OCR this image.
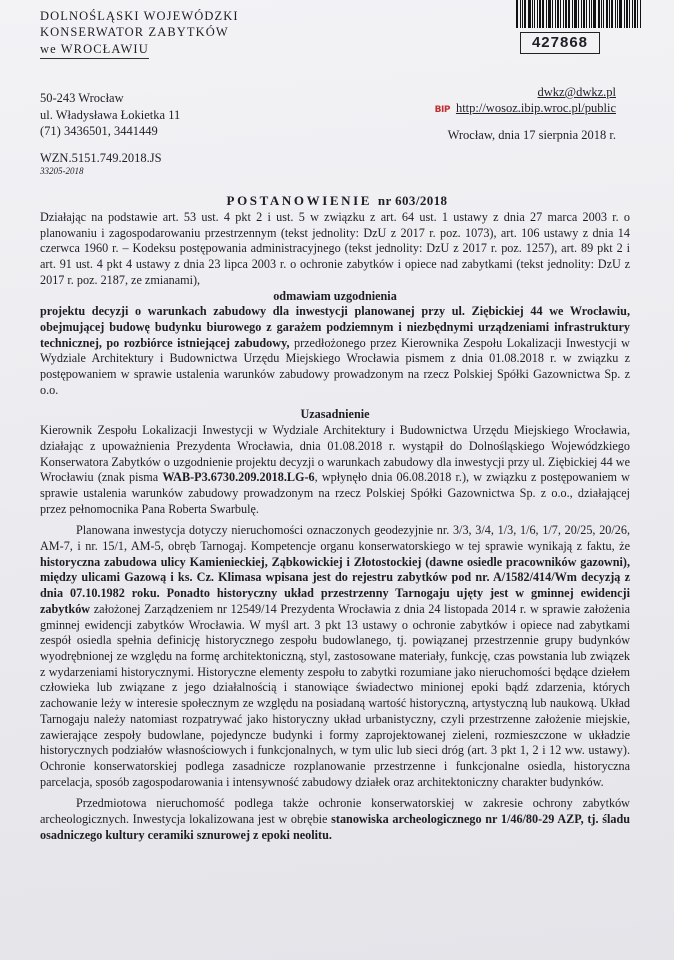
DOLNOŚLĄSKI WOJEWÓDZKI
KONSERWATOR ZABYTKÓW
we WROCŁAWIU	427868
50-243 Wrocław
ul. Władysława Łokietka 11
(71) 3436501, 3441449
dwkz@dwkz.pl
BIP http://wosoz.ibip.wroc.pl/public
Wrocław, dnia 17 sierpnia 2018 r.
WZN.5151.749.2018.JS
33205-2018
POSTANOWIENIE nr 603/2018
Działając na podstawie art. 53 ust. 4 pkt 2 i ust. 5 w związku z art. 64 ust. 1 ustawy z dnia 27 marca 2003 r. o planowaniu i zagospodarowaniu przestrzennym (tekst jednolity: DzU z 2017 r. poz. 1073), art. 106 ustawy z dnia 14 czerwca 1960 r. – Kodeksu postępowania administracyjnego (tekst jednolity: DzU z 2017 r. poz. 1257), art. 89 pkt 2 i art. 91 ust. 4 pkt 4 ustawy z dnia 23 lipca 2003 r. o ochronie zabytków i opiece nad zabytkami (tekst jednolity: DzU z 2017 r. poz. 2187, ze zmianami),
odmawiam uzgodnienia
projektu decyzji o warunkach zabudowy dla inwestycji planowanej przy ul. Ziębickiej 44 we Wrocławiu, obejmującej budowę budynku biurowego z garażem podziemnym i niezbędnymi urządzeniami infrastruktury technicznej, po rozbiórce istniejącej zabudowy, przedłożonego przez Kierownika Zespołu Lokalizacji Inwestycji w Wydziale Architektury i Budownictwa Urzędu Miejskiego Wrocławia pismem z dnia 01.08.2018 r. w związku z postępowaniem w sprawie ustalenia warunków zabudowy prowadzonym na rzecz Polskiej Spółki Gazownictwa Sp. z o.o.
Uzasadnienie
Kierownik Zespołu Lokalizacji Inwestycji w Wydziale Architektury i Budownictwa Urzędu Miejskiego Wrocławia, działając z upoważnienia Prezydenta Wrocławia, dnia 01.08.2018 r. wystąpił do Dolnośląskiego Wojewódzkiego Konserwatora Zabytków o uzgodnienie projektu decyzji o warunkach zabudowy dla inwestycji przy ul. Ziębickiej 44 we Wrocławiu (znak pisma WAB-P3.6730.209.2018.LG-6, wpłynęło dnia 06.08.2018 r.), w związku z postępowaniem w sprawie ustalenia warunków zabudowy prowadzonym na rzecz Polskiej Spółki Gazownictwa Sp. z o.o., działającej przez pełnomocnika Pana Roberta Swarbulę.
Planowana inwestycja dotyczy nieruchomości oznaczonych geodezyjnie nr. 3/3, 3/4, 1/3, 1/6, 1/7, 20/25, 20/26, AM-7, i nr. 15/1, AM-5, obręb Tarnogaj. Kompetencje organu konserwatorskiego w tej sprawie wynikają z faktu, że historyczna zabudowa ulicy Kamienieckiej, Ząbkowickiej i Złotostockiej (dawne osiedle pracowników gazowni), między ulicami Gazową i ks. Cz. Klimasa wpisana jest do rejestru zabytków pod nr. A/1582/414/Wm decyzją z dnia 07.10.1982 roku. Ponadto historyczny układ przestrzenny Tarnogaju ujęty jest w gminnej ewidencji zabytków założonej Zarządzeniem nr 12549/14 Prezydenta Wrocławia z dnia 24 listopada 2014 r. w sprawie założenia gminnej ewidencji zabytków Wrocławia. W myśl art. 3 pkt 13 ustawy o ochronie zabytków i opiece nad zabytkami zespół osiedla spełnia definicję historycznego zespołu budowlanego, tj. powiązanej przestrzennie grupy budynków wyodrębnionej ze względu na formę architektoniczną, styl, zastosowane materiały, funkcję, czas powstania lub związek z wydarzeniami historycznymi. Historyczne elementy zespołu to zabytki rozumiane jako nieruchomości będące dziełem człowieka lub związane z jego działalnością i stanowiące świadectwo minionej epoki bądź zdarzenia, których zachowanie leży w interesie społecznym ze względu na posiadaną wartość historyczną, artystyczną lub naukową. Układ Tarnogaju należy natomiast rozpatrywać jako historyczny układ urbanistyczny, czyli przestrzenne założenie miejskie, zawierające zespoły budowlane, pojedyncze budynki i formy zaprojektowanej zieleni, rozmieszczone w układzie historycznych podziałów własnościowych i funkcjonalnych, w tym ulic lub sieci dróg (art. 3 pkt 1, 2 i 12 ww. ustawy). Ochronie konserwatorskiej podlega zasadnicze rozplanowanie przestrzenne i funkcjonalne osiedla, historyczna parcelacja, sposób zagospodarowania i intensywność zabudowy działek oraz architektoniczny charakter budynków.
Przedmiotowa nieruchomość podlega także ochronie konserwatorskiej w zakresie ochrony zabytków archeologicznych. Inwestycja lokalizowana jest w obrębie stanowiska archeologicznego nr 1/46/80-29 AZP, tj. śladu osadniczego kultury ceramiki sznurowej z epoki neolitu.
